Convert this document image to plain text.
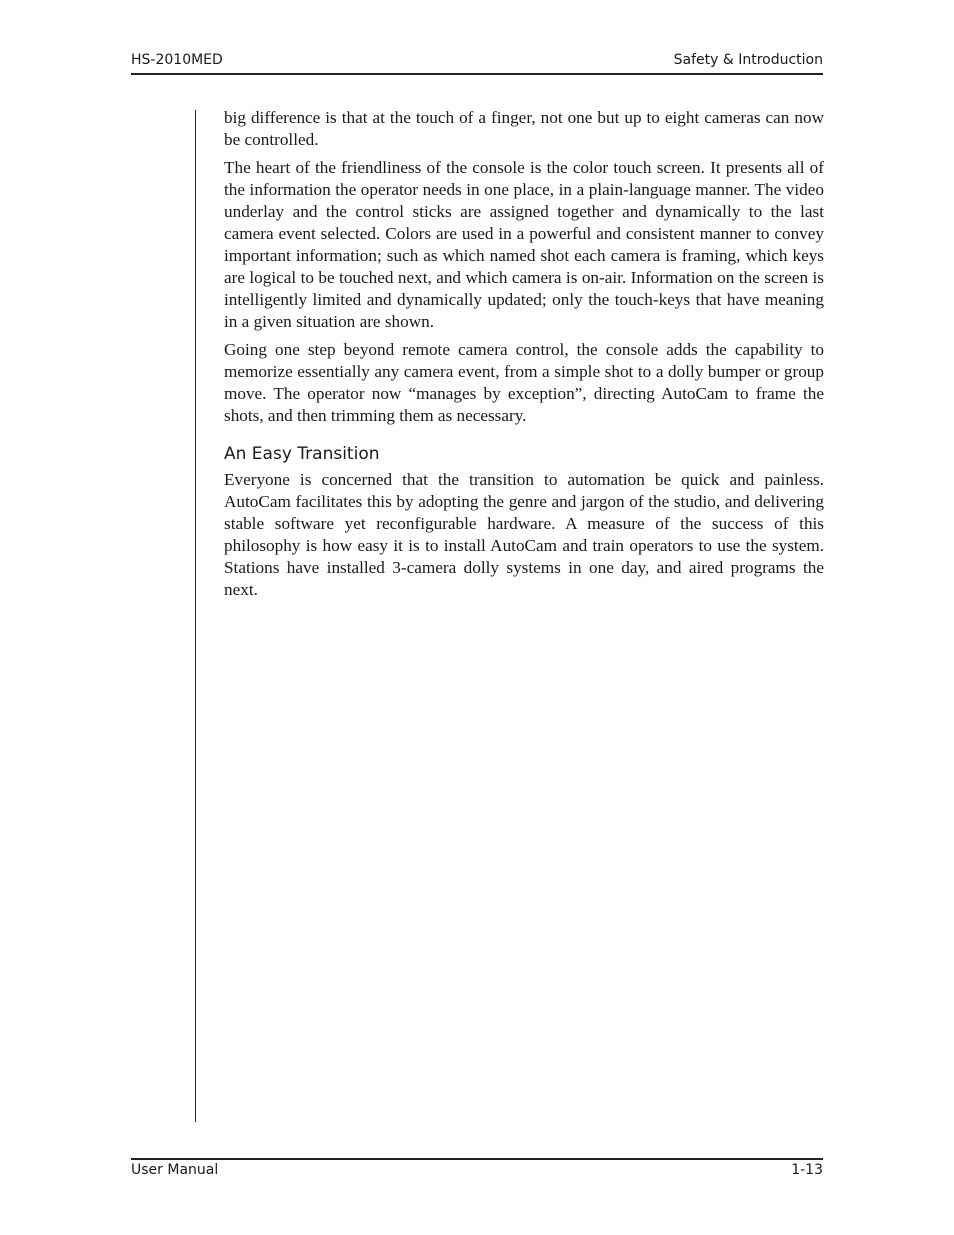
HS-2010MED	Safety & Introduction

big difference is that at the touch of a finger, not one but up to eight cameras can now be controlled.

The heart of the friendliness of the console is the color touch screen. It presents all of the information the operator needs in one place, in a plain-language manner. The video underlay and the control sticks are assigned together and dynamically to the last camera event selected. Colors are used in a powerful and consistent manner to convey important information; such as which named shot each camera is framing, which keys are logical to be touched next, and which camera is on-air. Information on the screen is intelligently limited and dynamically updated; only the touch-keys that have meaning in a given situation are shown.

Going one step beyond remote camera control, the console adds the capability to memorize essentially any camera event, from a simple shot to a dolly bumper or group move. The operator now “manages by exception”, directing AutoCam to frame the shots, and then trimming them as necessary.

An Easy Transition

Everyone is concerned that the transition to automation be quick and painless. AutoCam facilitates this by adopting the genre and jargon of the studio, and delivering stable software yet reconfigurable hardware. A measure of the success of this philosophy is how easy it is to install AutoCam and train operators to use the system. Stations have installed 3-camera dolly systems in one day, and aired programs the next.

User Manual	1-13
